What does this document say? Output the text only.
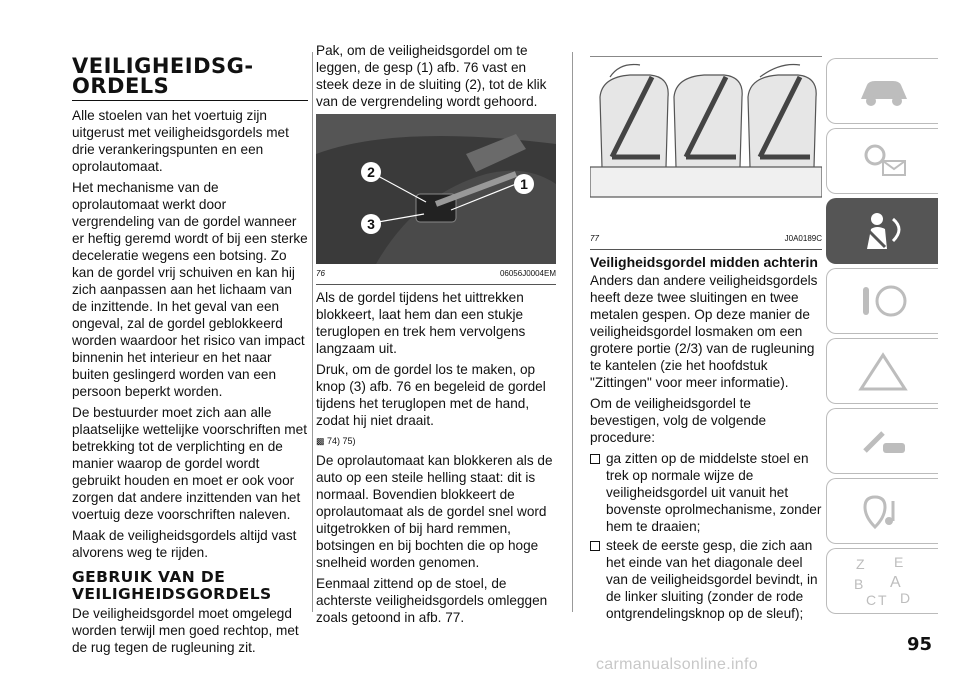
VEILIGHEIDSG-ORDELS

Alle stoelen van het voertuig zijn uitgerust met veiligheidsgordels met drie verankeringspunten en een oprolautomaat.

Het mechanisme van de oprolautomaat werkt door vergrendeling van de gordel wanneer er heftig geremd wordt of bij een sterke deceleratie wegens een botsing. Zo kan de gordel vrij schuiven en kan hij zich aanpassen aan het lichaam van de inzittende. In het geval van een ongeval, zal de gordel geblokkeerd worden waardoor het risico van impact binnenin het interieur en het naar buiten geslingerd worden van een persoon beperkt worden.

De bestuurder moet zich aan alle plaatselijke wettelijke voorschriften met betrekking tot de verplichting en de manier waarop de gordel wordt gebruikt houden en moet er ook voor zorgen dat andere inzittenden van het voertuig deze voorschriften naleven.

Maak de veiligheidsgordels altijd vast alvorens weg te rijden.

GEBRUIK VAN DE VEILIGHEIDSGORDELS

De veiligheidsgordel moet omgelegd worden terwijl men goed rechtop, met de rug tegen de rugleuning zit.

Pak, om de veiligheidsgordel om te leggen, de gesp (1) afb. 76 vast en steek deze in de sluiting (2), tot de klik van de vergrendeling wordt gehoord.

2
1
3
76	06056J0004EM

Als de gordel tijdens het uittrekken blokkeert, laat hem dan een stukje teruglopen en trek hem vervolgens langzaam uit.

Druk, om de gordel los te maken, op knop (3) afb. 76 en begeleid de gordel tijdens het teruglopen met de hand, zodat hij niet draait.

▩ 74) 75)

De oprolautomaat kan blokkeren als de auto op een steile helling staat: dit is normaal. Bovendien blokkeert de oprolautomaat als de gordel snel word uitgetrokken of bij hard remmen, botsingen en bij bochten die op hoge snelheid worden genomen.

Eenmaal zittend op de stoel, de achterste veiligheidsgordels omleggen zoals getoond in afb. 77.

77	J0A0189C
Veiligheidsgordel midden achterin

Anders dan andere veiligheidsgordels heeft deze twee sluitingen en twee metalen gespen. Op deze manier de veiligheidsgordel losmaken om een grotere portie (2/3) van de rugleuning te kantelen (zie het hoofdstuk "Zittingen" voor meer informatie).

Om de veiligheidsgordel te bevestigen, volg de volgende procedure:

ga zitten op de middelste stoel en trek op normale wijze de veiligheidsgordel uit vanuit het bovenste oprolmechanisme, zonder hem te draaien;
steek de eerste gesp, die zich aan het einde van het diagonale deel van de veiligheidsgordel bevindt, in de linker sluiting (zonder de rode ontgrendelingsknop op de sleuf);
Z E
B A
C T D
95
carmanualsonline.info
